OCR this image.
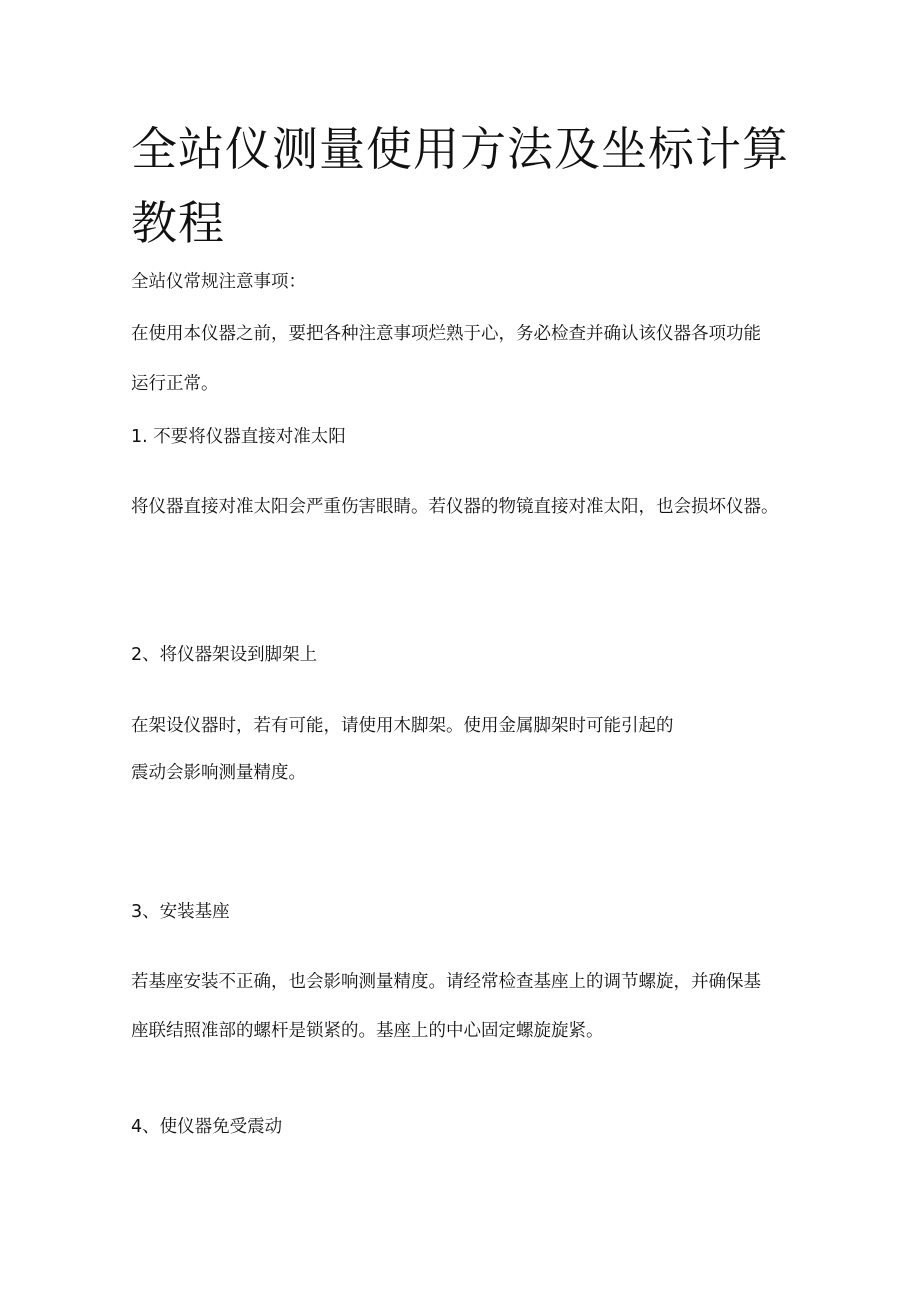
全站仪测量使用方法及坐标计算教程

全站仪常规注意事项：

在使用本仪器之前，要把各种注意事项烂熟于心，务必检查并确认该仪器各项功能

运行正常。

1. 不要将仪器直接对准太阳

将仪器直接对准太阳会严重伤害眼睛。若仪器的物镜直接对准太阳，也会损坏仪器。

2、将仪器架设到脚架上

在架设仪器时，若有可能，请使用木脚架。使用金属脚架时可能引起的

震动会影响测量精度。

3、安装基座

若基座安装不正确，也会影响测量精度。请经常检查基座上的调节螺旋，并确保基

座联结照准部的螺杆是锁紧的。基座上的中心固定螺旋旋紧。

4、使仪器免受震动
